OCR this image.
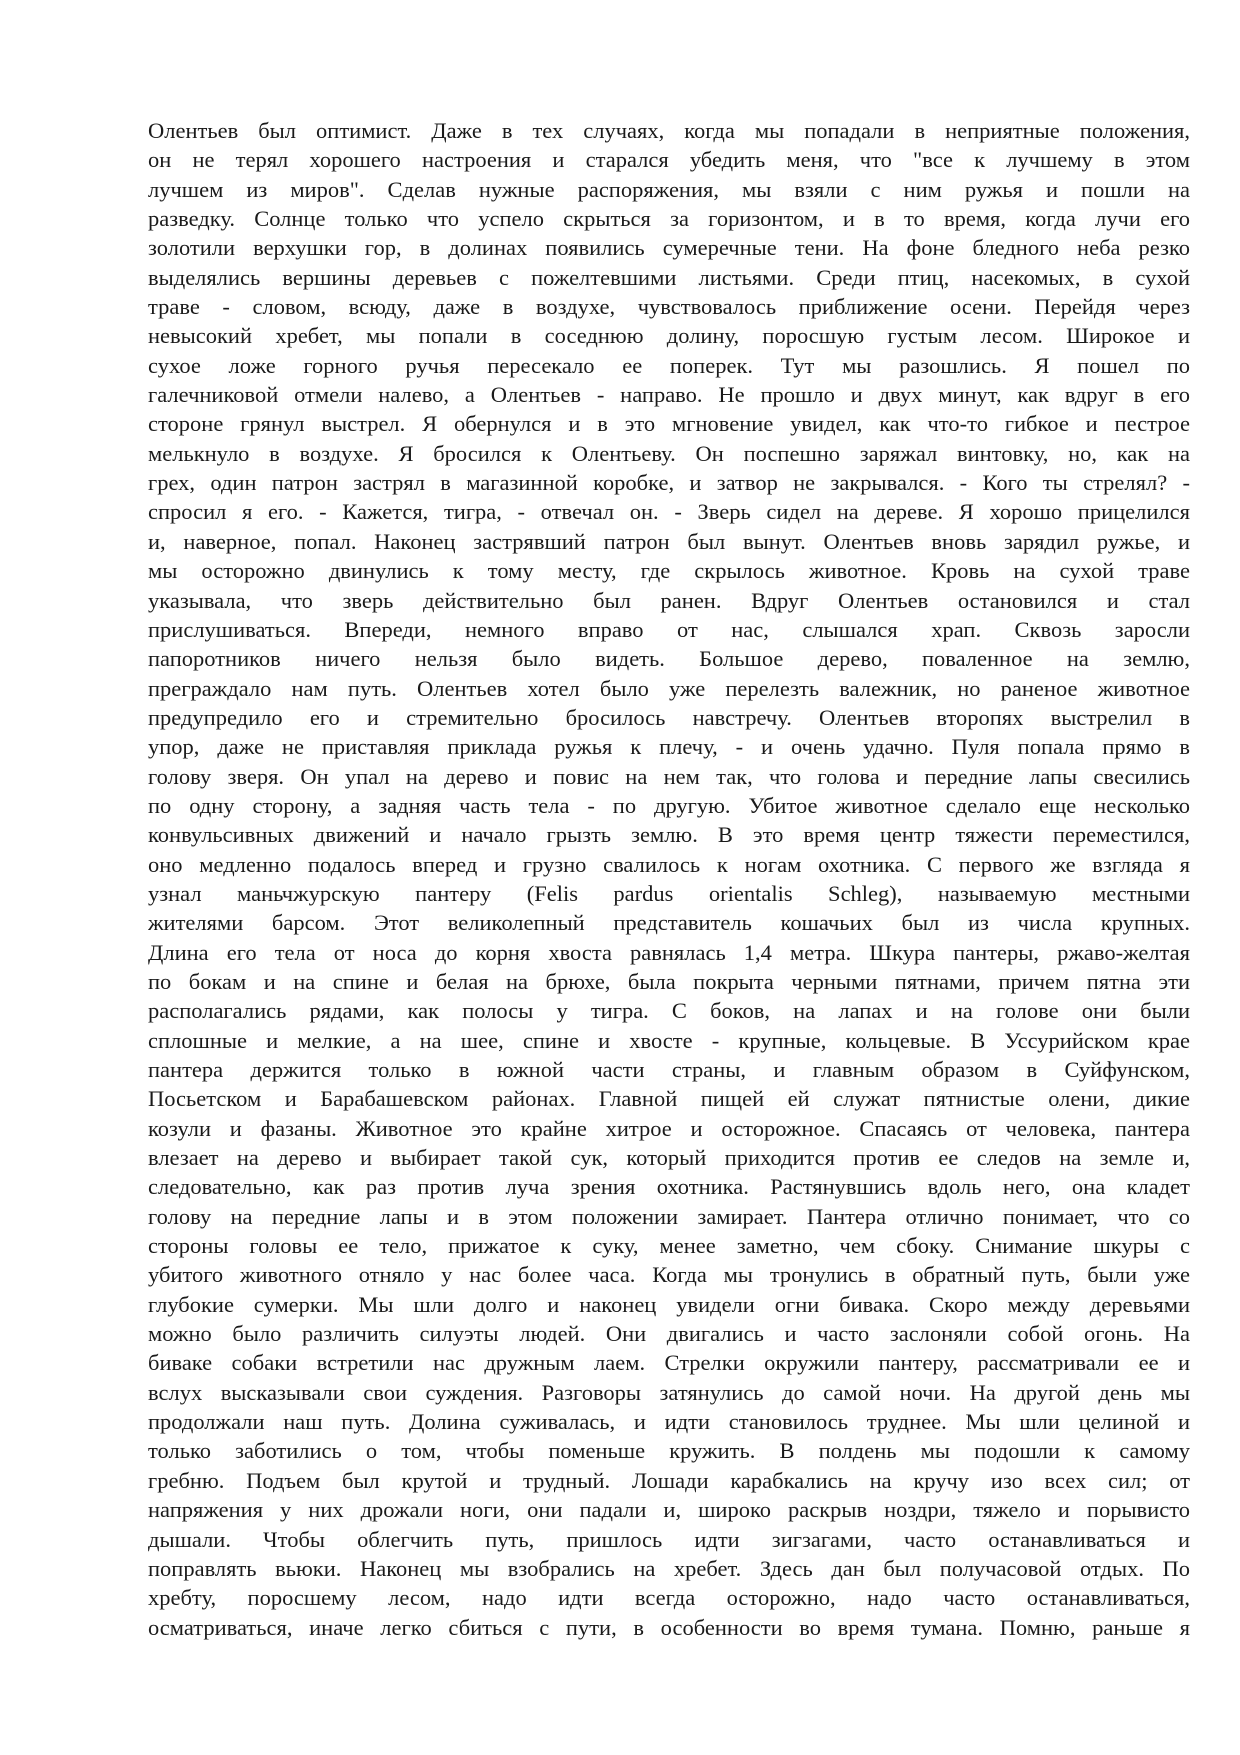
Олентьев был оптимист. Даже в тех случаях, когда мы попадали в неприятные положения,
он не терял хорошего настроения и старался убедить меня, что "все к лучшему в этом
лучшем из миров". Сделав нужные распоряжения, мы взяли с ним ружья и пошли на
разведку. Солнце только что успело скрыться за горизонтом, и в то время, когда лучи его
золотили верхушки гор, в долинах появились сумеречные тени. На фоне бледного неба резко
выделялись вершины деревьев с пожелтевшими листьями. Среди птиц, насекомых, в сухой
траве - словом, всюду, даже в воздухе, чувствовалось приближение осени. Перейдя через
невысокий хребет, мы попали в соседнюю долину, поросшую густым лесом. Широкое и
сухое ложе горного ручья пересекало ее поперек. Тут мы разошлись. Я пошел по
галечниковой отмели налево, а Олентьев - направо. Не прошло и двух минут, как вдруг в его
стороне грянул выстрел. Я обернулся и в это мгновение увидел, как что-то гибкое и пестрое
мелькнуло в воздухе. Я бросился к Олентьеву. Он поспешно заряжал винтовку, но, как на
грех, один патрон застрял в магазинной коробке, и затвор не закрывался. - Кого ты стрелял? -
спросил я его. - Кажется, тигра, - отвечал он. - Зверь сидел на дереве. Я хорошо прицелился
и, наверное, попал. Наконец застрявший патрон был вынут. Олентьев вновь зарядил ружье, и
мы осторожно двинулись к тому месту, где скрылось животное. Кровь на сухой траве
указывала, что зверь действительно был ранен. Вдруг Олентьев остановился и стал
прислушиваться. Впереди, немного вправо от нас, слышался храп. Сквозь заросли
папоротников ничего нельзя было видеть. Большое дерево, поваленное на землю,
преграждало нам путь. Олентьев хотел было уже перелезть валежник, но раненое животное
предупредило его и стремительно бросилось навстречу. Олентьев второпях выстрелил в
упор, даже не приставляя приклада ружья к плечу, - и очень удачно. Пуля попала прямо в
голову зверя. Он упал на дерево и повис на нем так, что голова и передние лапы свесились
по одну сторону, а задняя часть тела - по другую. Убитое животное сделало еще несколько
конвульсивных движений и начало грызть землю. В это время центр тяжести переместился,
оно медленно подалось вперед и грузно свалилось к ногам охотника. С первого же взгляда я
узнал маньчжурскую пантеру (Felis pardus orientalis Schleg), называемую местными
жителями барсом. Этот великолепный представитель кошачьих был из числа крупных.
Длина его тела от носа до корня хвоста равнялась 1,4 метра. Шкура пантеры, ржаво-желтая
по бокам и на спине и белая на брюхе, была покрыта черными пятнами, причем пятна эти
располагались рядами, как полосы у тигра. С боков, на лапах и на голове они были
сплошные и мелкие, а на шее, спине и хвосте - крупные, кольцевые. В Уссурийском крае
пантера держится только в южной части страны, и главным образом в Суйфунском,
Посьетском и Барабашевском районах. Главной пищей ей служат пятнистые олени, дикие
козули и фазаны. Животное это крайне хитрое и осторожное. Спасаясь от человека, пантера
влезает на дерево и выбирает такой сук, который приходится против ее следов на земле и,
следовательно, как раз против луча зрения охотника. Растянувшись вдоль него, она кладет
голову на передние лапы и в этом положении замирает. Пантера отлично понимает, что со
стороны головы ее тело, прижатое к суку, менее заметно, чем сбоку. Снимание шкуры с
убитого животного отняло у нас более часа. Когда мы тронулись в обратный путь, были уже
глубокие сумерки. Мы шли долго и наконец увидели огни бивака. Скоро между деревьями
можно было различить силуэты людей. Они двигались и часто заслоняли собой огонь. На
биваке собаки встретили нас дружным лаем. Стрелки окружили пантеру, рассматривали ее и
вслух высказывали свои суждения. Разговоры затянулись до самой ночи. На другой день мы
продолжали наш путь. Долина суживалась, и идти становилось труднее. Мы шли целиной и
только заботились о том, чтобы поменьше кружить. В полдень мы подошли к самому
гребню. Подъем был крутой и трудный. Лошади карабкались на кручу изо всех сил; от
напряжения у них дрожали ноги, они падали и, широко раскрыв ноздри, тяжело и порывисто
дышали. Чтобы облегчить путь, пришлось идти зигзагами, часто останавливаться и
поправлять вьюки. Наконец мы взобрались на хребет. Здесь дан был получасовой отдых. По
хребту, поросшему лесом, надо идти всегда осторожно, надо часто останавливаться,
осматриваться, иначе легко сбиться с пути, в особенности во время тумана. Помню, раньше я
